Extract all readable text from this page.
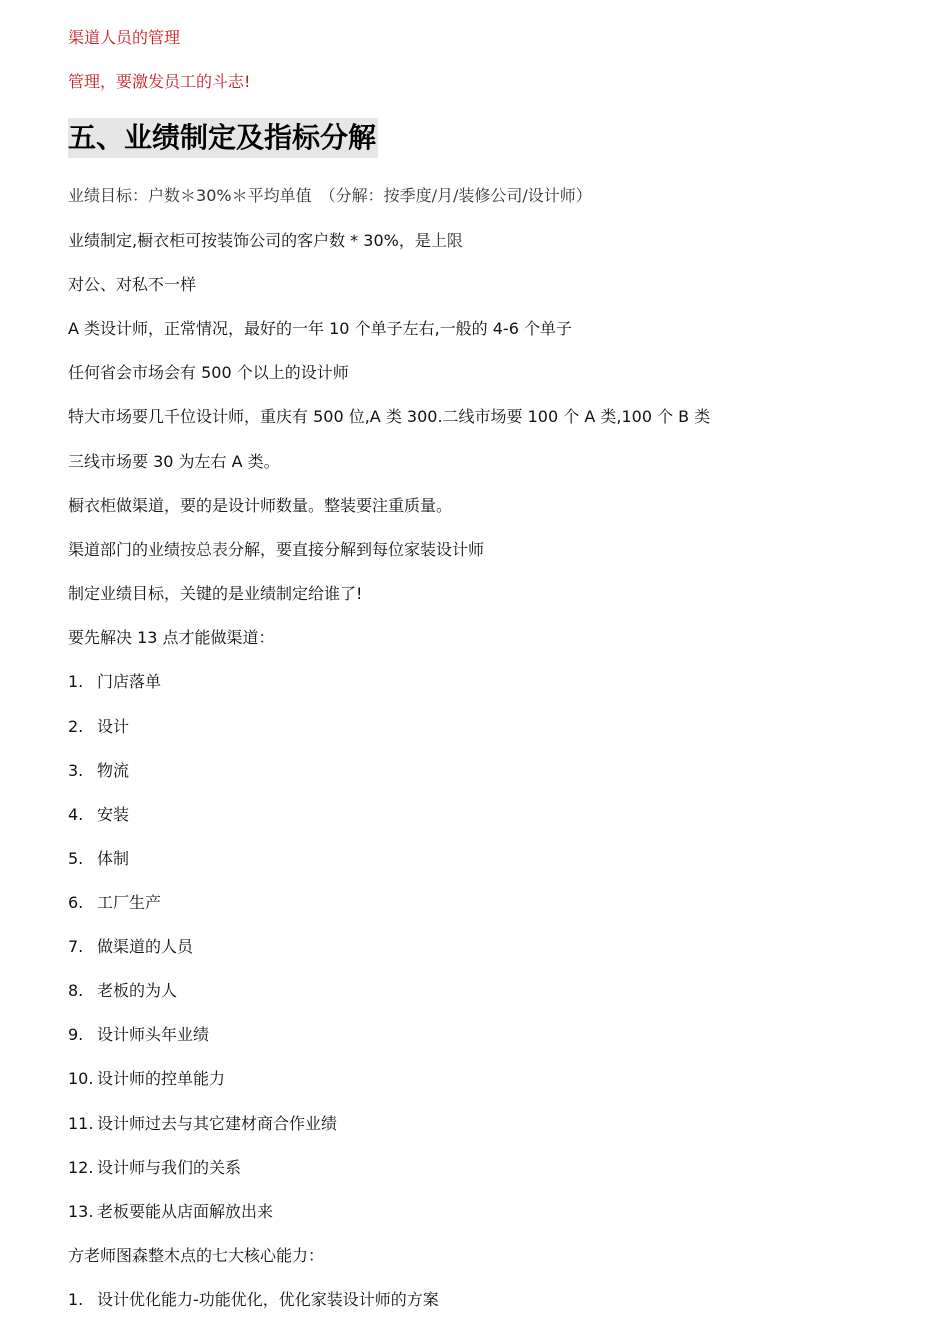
渠道人员的管理
管理，要激发员工的斗志!
五、业绩制定及指标分解
业绩目标：户数＊30%＊平均单值　（分解：按季度/月/装修公司/设计师）
业绩制定,橱衣柜可按装饰公司的客户数 * 30%，是上限
对公、对私不一样
A 类设计师，正常情况，最好的一年 10 个单子左右,一般的 4-6 个单子
任何省会市场会有 500 个以上的设计师
特大市场要几千位设计师，重庆有 500 位,A 类 300.二线市场要 100 个 A 类,100 个 B 类
三线市场要 30 为左右 A 类。
橱衣柜做渠道，要的是设计师数量。整装要注重质量。
渠道部门的业绩按总表分解，要直接分解到每位家装设计师
制定业绩目标，关键的是业绩制定给谁了!
要先解决 13 点才能做渠道：
1. 门店落单
2. 设计
3. 物流
4. 安装
5. 体制
6. 工厂生产
7. 做渠道的人员
8. 老板的为人
9. 设计师头年业绩
10. 设计师的控单能力
11. 设计师过去与其它建材商合作业绩
12. 设计师与我们的关系
13. 老板要能从店面解放出来
方老师图森整木点的七大核心能力：
1. 设计优化能力-功能优化，优化家装设计师的方案
